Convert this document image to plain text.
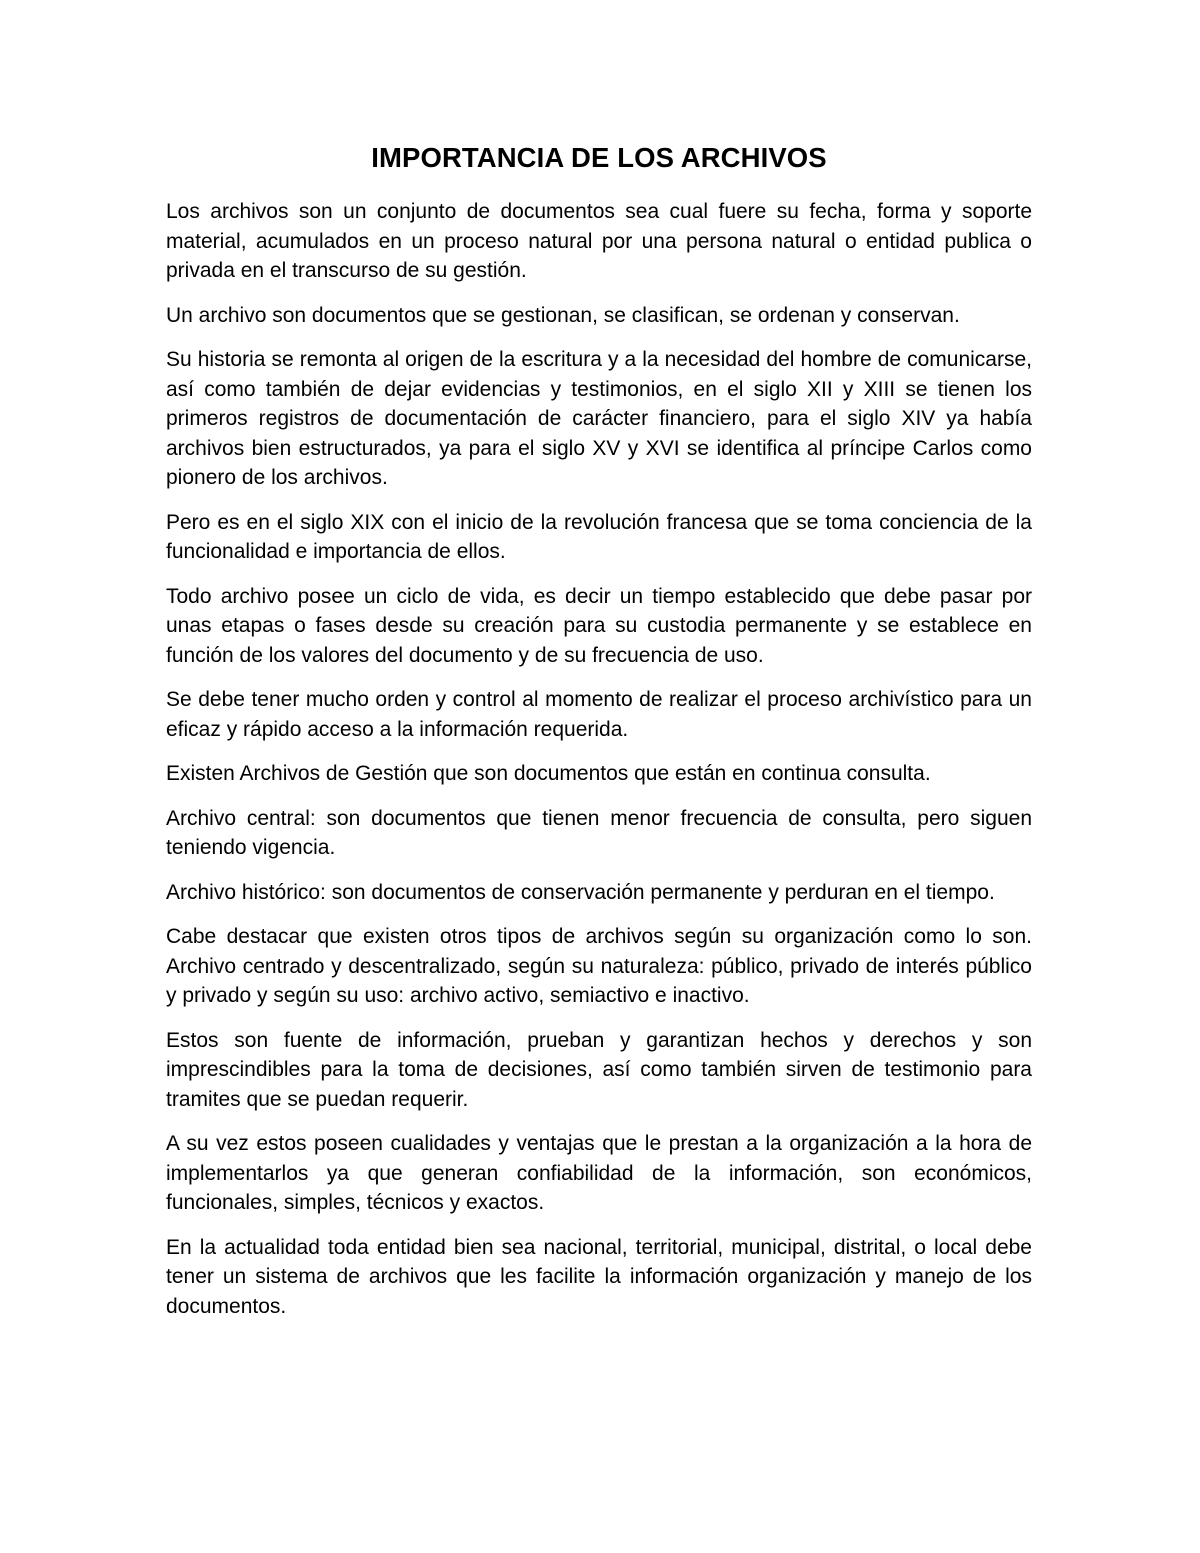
IMPORTANCIA DE LOS ARCHIVOS

Los archivos son un conjunto de documentos sea cual fuere su fecha, forma y soporte material, acumulados en un proceso natural por una persona natural o entidad publica o privada en el transcurso de su gestión.

Un archivo son documentos que se gestionan, se clasifican, se ordenan y conservan.

Su historia se remonta al origen de la escritura y a la necesidad del hombre de comunicarse, así como también de dejar evidencias y testimonios, en el siglo XII y XIII se tienen los primeros registros de documentación de carácter financiero, para el siglo XIV ya había archivos bien estructurados, ya para el siglo XV y XVI se identifica al príncipe Carlos como pionero de los archivos.

Pero es en el siglo XIX con el inicio de la revolución francesa que se toma conciencia de la funcionalidad e importancia de ellos.

Todo archivo posee un ciclo de vida, es decir un tiempo establecido que debe pasar por unas etapas o fases desde su creación para su custodia permanente y se establece en función de los valores del documento y de su frecuencia de uso.

Se debe tener mucho orden y control al momento de realizar el proceso archivístico para un eficaz y rápido acceso a la información requerida.

Existen Archivos de Gestión que son documentos que están en continua consulta.

Archivo central: son documentos que tienen menor frecuencia de consulta, pero siguen teniendo vigencia.

Archivo histórico: son documentos de conservación permanente y perduran en el tiempo.

Cabe destacar que existen otros tipos de archivos según su organización como lo son. Archivo centrado y descentralizado, según su naturaleza: público, privado de interés público y privado y según su uso: archivo activo, semiactivo e inactivo.

Estos son fuente de información, prueban y garantizan hechos y derechos y son imprescindibles para la toma de decisiones, así como también sirven de testimonio para tramites que se puedan requerir.

A su vez estos poseen cualidades y ventajas que le prestan a la organización a la hora de implementarlos ya que generan confiabilidad de la información, son económicos, funcionales, simples, técnicos y exactos.

En la actualidad toda entidad bien sea nacional, territorial, municipal, distrital, o local debe tener un sistema de archivos que les facilite la información organización y manejo de los documentos.
